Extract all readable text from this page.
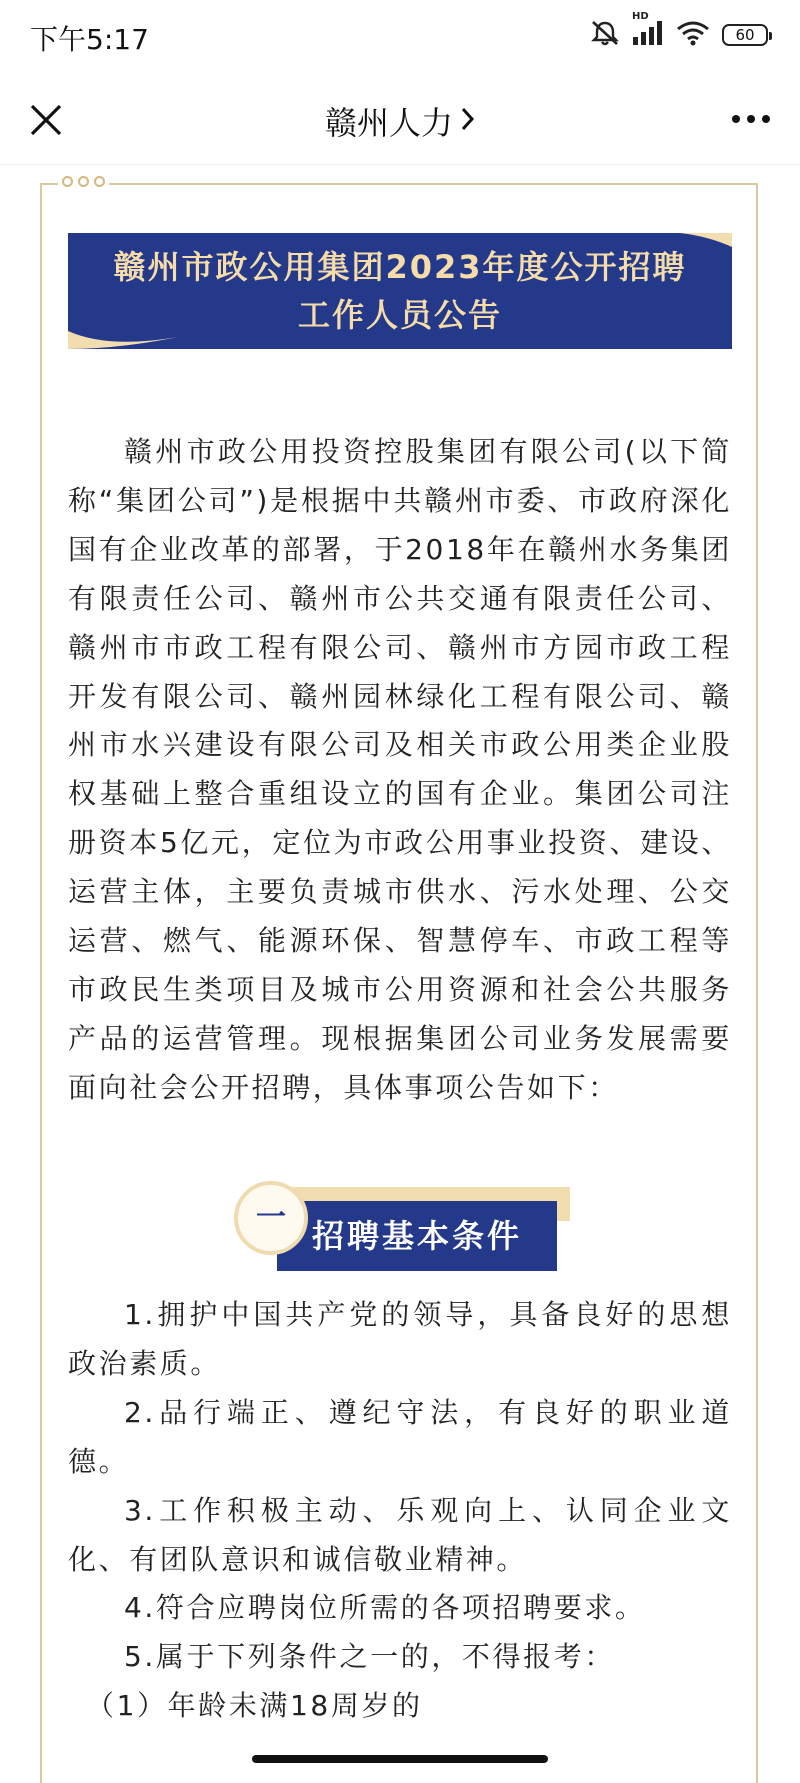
下午5:17
HD
60
赣州人力
赣州市政公用集团2023年度公开招聘工作人员公告

赣州市政公用投资控股集团有限公司(以下简称“集团公司”)是根据中共赣州市委、市政府深化国有企业改革的部署，于2018年在赣州水务集团有限责任公司、赣州市公共交通有限责任公司、赣州市市政工程有限公司、赣州市方园市政工程开发有限公司、赣州园林绿化工程有限公司、赣州市水兴建设有限公司及相关市政公用类企业股权基础上整合重组设立的国有企业。集团公司注册资本5亿元，定位为市政公用事业投资、建设、运营主体，主要负责城市供水、污水处理、公交运营、燃气、能源环保、智慧停车、市政工程等市政民生类项目及城市公用资源和社会公共服务产品的运营管理。现根据集团公司业务发展需要面向社会公开招聘，具体事项公告如下：

招聘基本条件
一

1.拥护中国共产党的领导，具备良好的思想政治素质。

2.品行端正、遵纪守法，有良好的职业道德。

3.工作积极主动、乐观向上、认同企业文化、有团队意识和诚信敬业精神。

4.符合应聘岗位所需的各项招聘要求。

5.属于下列条件之一的，不得报考：

（1）年龄未满18周岁的
